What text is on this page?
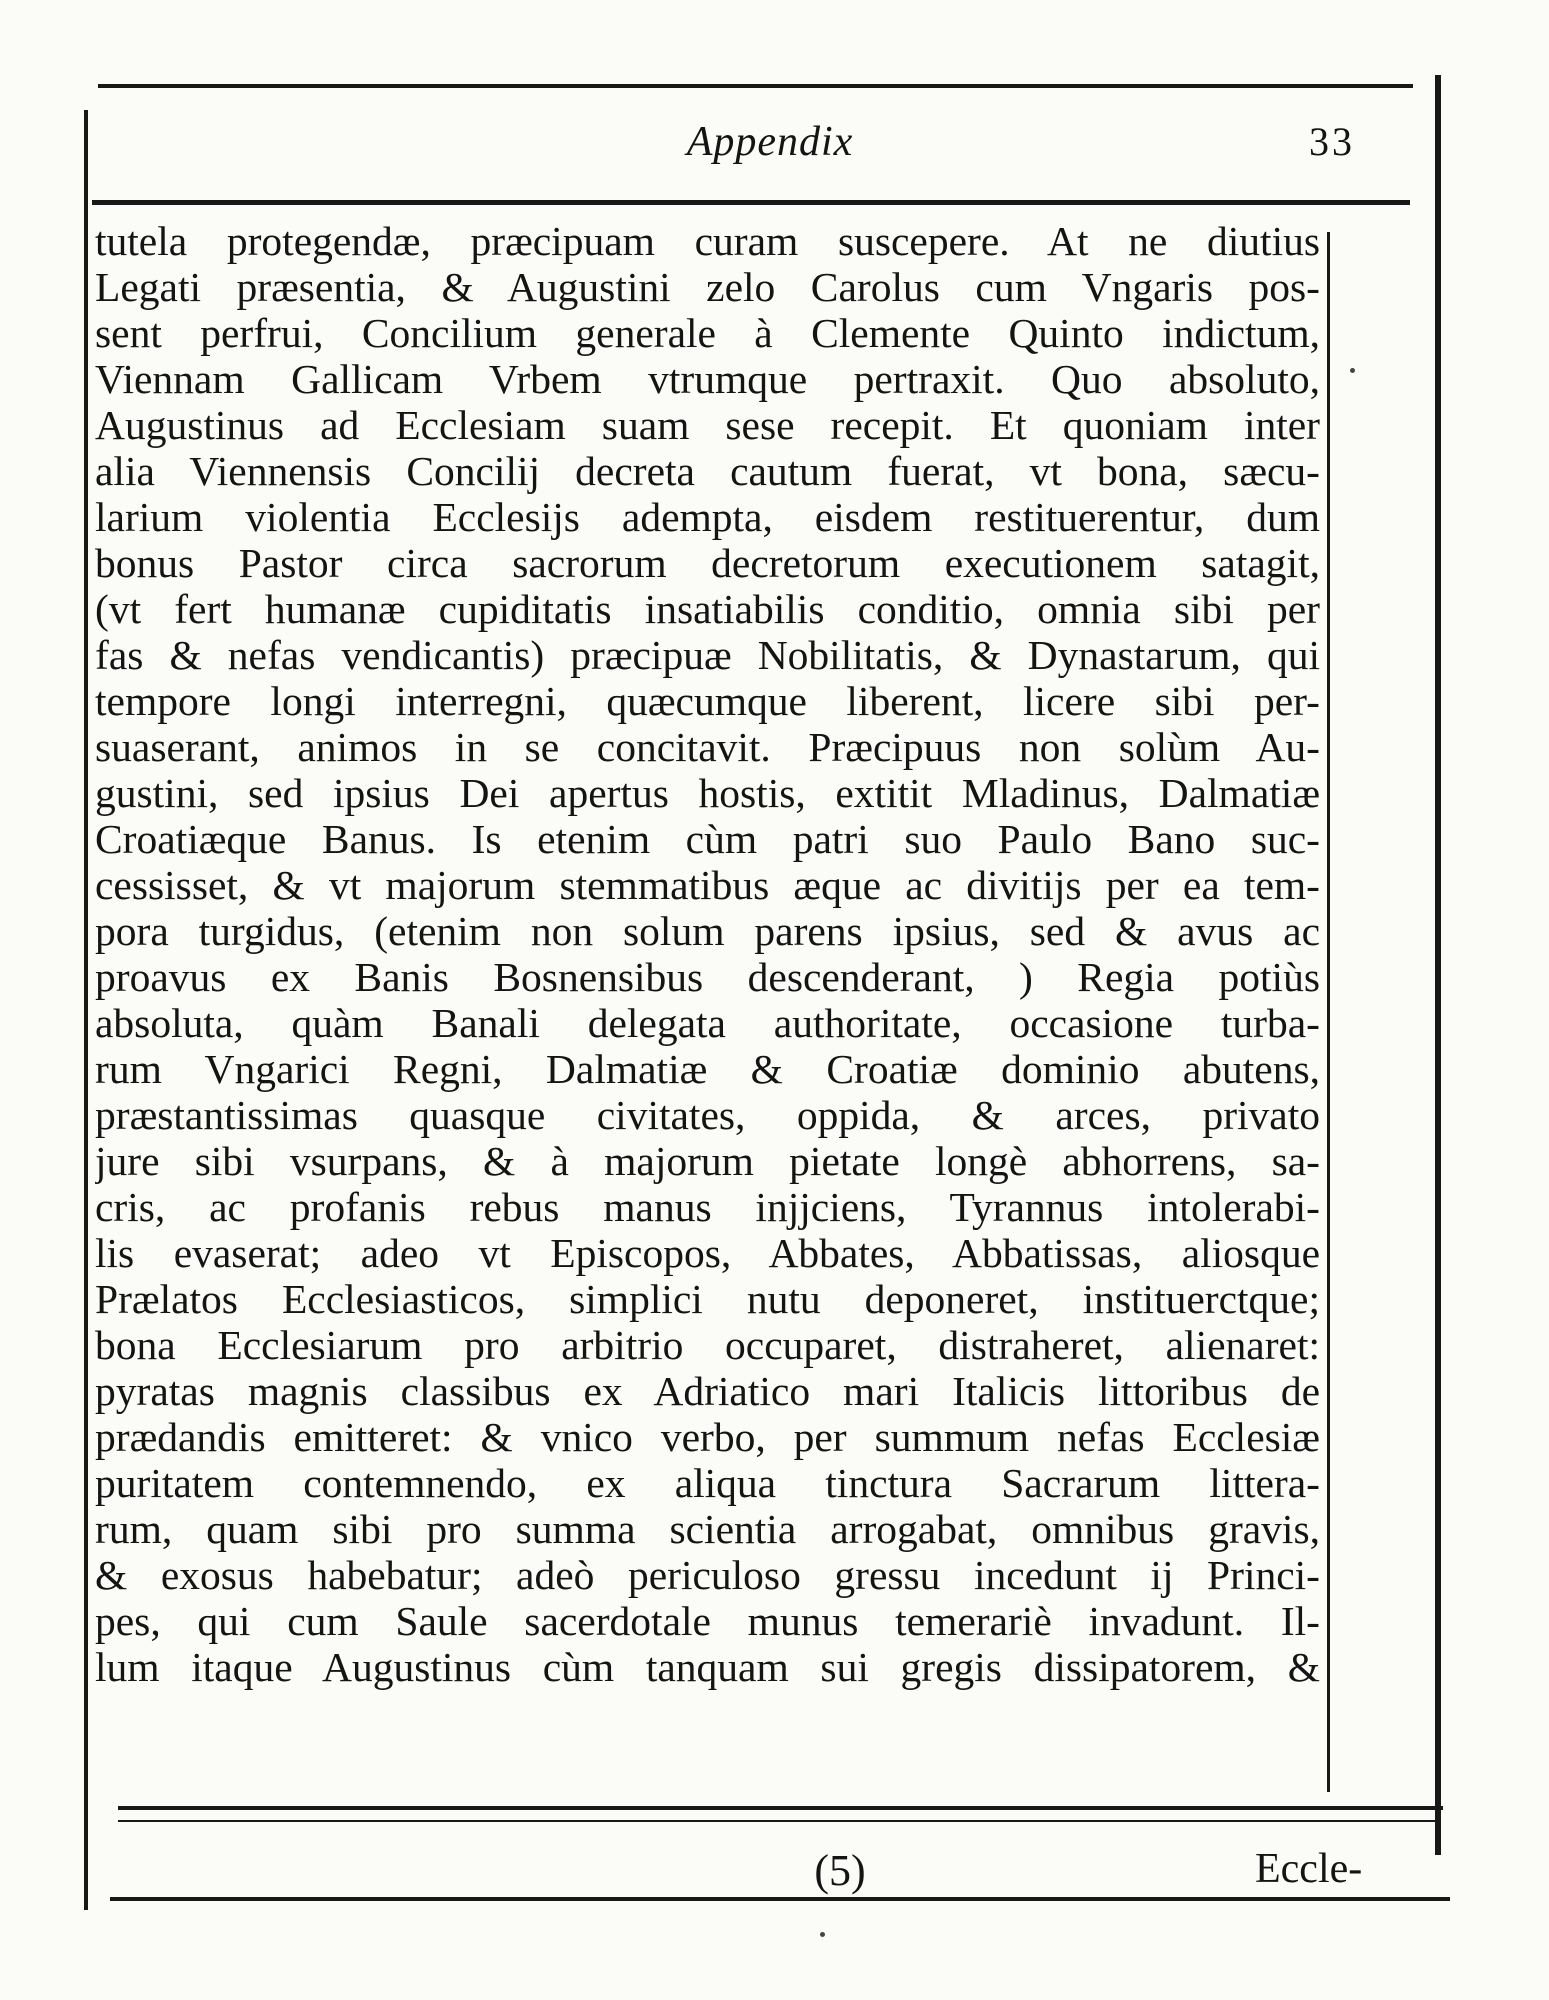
Appendix	33
tutela protegendæ, præcipuam curam suscepere. At ne diutius
Legati præsentia, & Augustini zelo Carolus cum Vngaris pos-
sent perfrui, Concilium generale à Clemente Quinto indictum,
Viennam Gallicam Vrbem vtrumque pertraxit. Quo absoluto,
Augustinus ad Ecclesiam suam sese recepit. Et quoniam inter
alia Viennensis Concilij decreta cautum fuerat, vt bona, sæcu-
larium violentia Ecclesijs adempta, eisdem restituerentur, dum
bonus Pastor circa sacrorum decretorum executionem satagit,
(vt fert humanæ cupiditatis insatiabilis conditio, omnia sibi per
fas & nefas vendicantis) præcipuæ Nobilitatis, & Dynastarum, qui
tempore longi interregni, quæcumque liberent, licere sibi per-
suaserant, animos in se concitavit. Præcipuus non solùm Au-
gustini, sed ipsius Dei apertus hostis, extitit Mladinus, Dalmatiæ
Croatiæque Banus. Is etenim cùm patri suo Paulo Bano suc-
cessisset, & vt majorum stemmatibus æque ac divitijs per ea tem-
pora turgidus, (etenim non solum parens ipsius, sed & avus ac
proavus ex Banis Bosnensibus descenderant, ) Regia potiùs
absoluta, quàm Banali delegata authoritate, occasione turba-
rum Vngarici Regni, Dalmatiæ & Croatiæ dominio abutens,
præstantissimas quasque civitates, oppida, & arces, privato
jure sibi vsurpans, & à majorum pietate longè abhorrens, sa-
cris, ac profanis rebus manus injjciens, Tyrannus intolerabi-
lis evaserat; adeo vt Episcopos, Abbates, Abbatissas, aliosque
Prælatos Ecclesiasticos, simplici nutu deponeret, instituerctque;
bona Ecclesiarum pro arbitrio occuparet, distraheret, alienaret:
pyratas magnis classibus ex Adriatico mari Italicis littoribus de
prædandis emitteret: & vnico verbo, per summum nefas Ecclesiæ
puritatem contemnendo, ex aliqua tinctura Sacrarum littera-
rum, quam sibi pro summa scientia arrogabat, omnibus gravis,
& exosus habebatur; adeò periculoso gressu incedunt ij Princi-
pes, qui cum Saule sacerdotale munus temerariè invadunt. Il-
lum itaque Augustinus cùm tanquam sui gregis dissipatorem, &
(5)	Eccle-
